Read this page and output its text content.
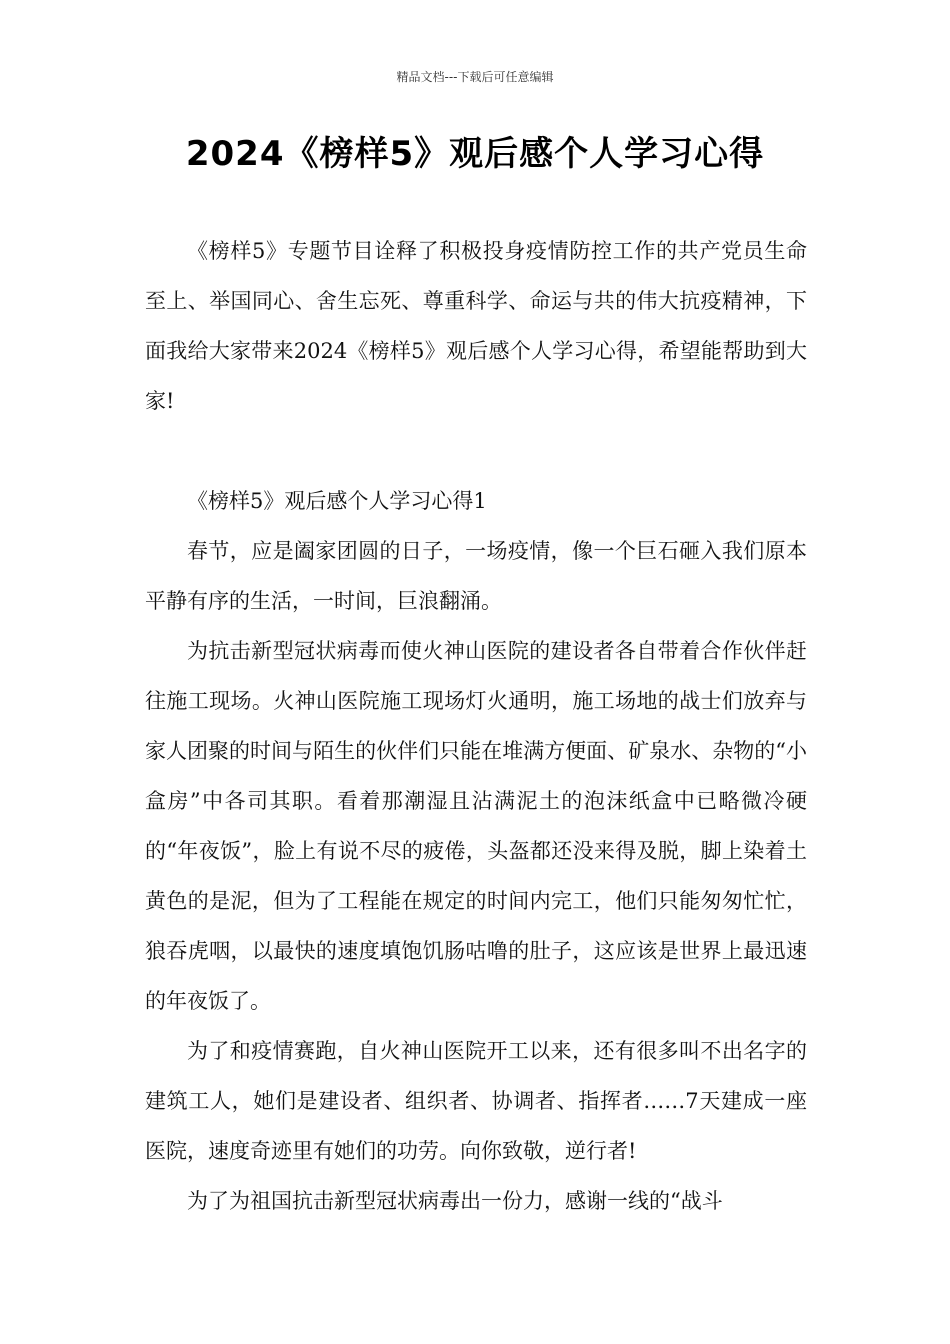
精品文档---下载后可任意编辑
2024《榜样5》观后感个人学习心得

《榜样5》专题节目诠释了积极投身疫情防控工作的共产党员生命至上、举国同心、舍生忘死、尊重科学、命运与共的伟大抗疫精神，下面我给大家带来2024《榜样5》观后感个人学习心得，希望能帮助到大家!

《榜样5》观后感个人学习心得1

春节，应是阖家团圆的日子，一场疫情，像一个巨石砸入我们原本平静有序的生活，一时间，巨浪翻涌。

为抗击新型冠状病毒而使火神山医院的建设者各自带着合作伙伴赶往施工现场。火神山医院施工现场灯火通明，施工场地的战士们放弃与家人团聚的时间与陌生的伙伴们只能在堆满方便面、矿泉水、杂物的“小盒房”中各司其职。看着那潮湿且沾满泥土的泡沫纸盒中已略微冷硬的“年夜饭”，脸上有说不尽的疲倦，头盔都还没来得及脱，脚上染着土黄色的是泥，但为了工程能在规定的时间内完工，他们只能匆匆忙忙，狼吞虎咽，以最快的速度填饱饥肠咕噜的肚子，这应该是世界上最迅速的年夜饭了。

为了和疫情赛跑，自火神山医院开工以来，还有很多叫不出名字的建筑工人，她们是建设者、组织者、协调者、指挥者……7天建成一座医院，速度奇迹里有她们的功劳。向你致敬，逆行者!

为了为祖国抗击新型冠状病毒出一份力，感谢一线的“战斗
